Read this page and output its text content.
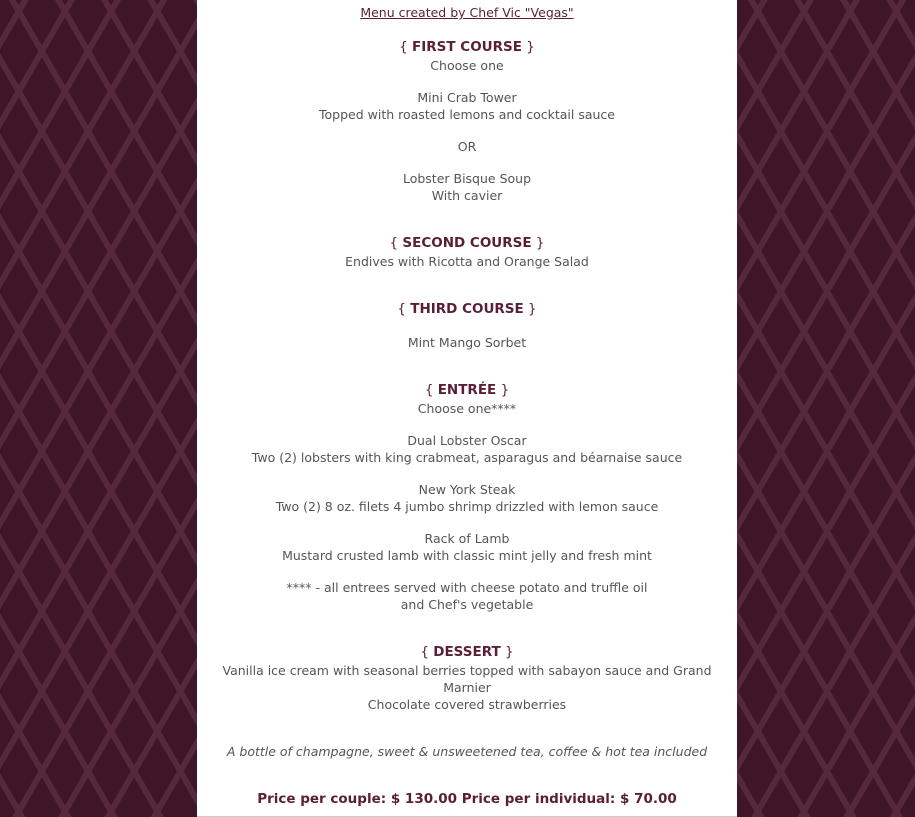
Menu created by Chef Vic "Vegas"
{ FIRST COURSE }
Choose one
Mini Crab Tower
Topped with roasted lemons and cocktail sauce
OR
Lobster Bisque Soup
With cavier
{ SECOND COURSE }
Endives with Ricotta and Orange Salad
{ THIRD COURSE }
Mint Mango Sorbet
{ ENTRÉE }
Choose one****
Dual Lobster Oscar
Two (2) lobsters with king crabmeat, asparagus and béarnaise sauce
New York Steak
Two (2) 8 oz. filets 4 jumbo shrimp drizzled with lemon sauce
Rack of Lamb
Mustard crusted lamb with classic mint jelly and fresh mint
**** - all entrees served with cheese potato and truffle oil
and Chef's vegetable
{ DESSERT }
Vanilla ice cream with seasonal berries topped with sabayon sauce and Grand
Marnier
Chocolate covered strawberries
A bottle of champagne, sweet & unsweetened tea, coffee & hot tea included
Price per couple: $ 130.00 Price per individual: $ 70.00
